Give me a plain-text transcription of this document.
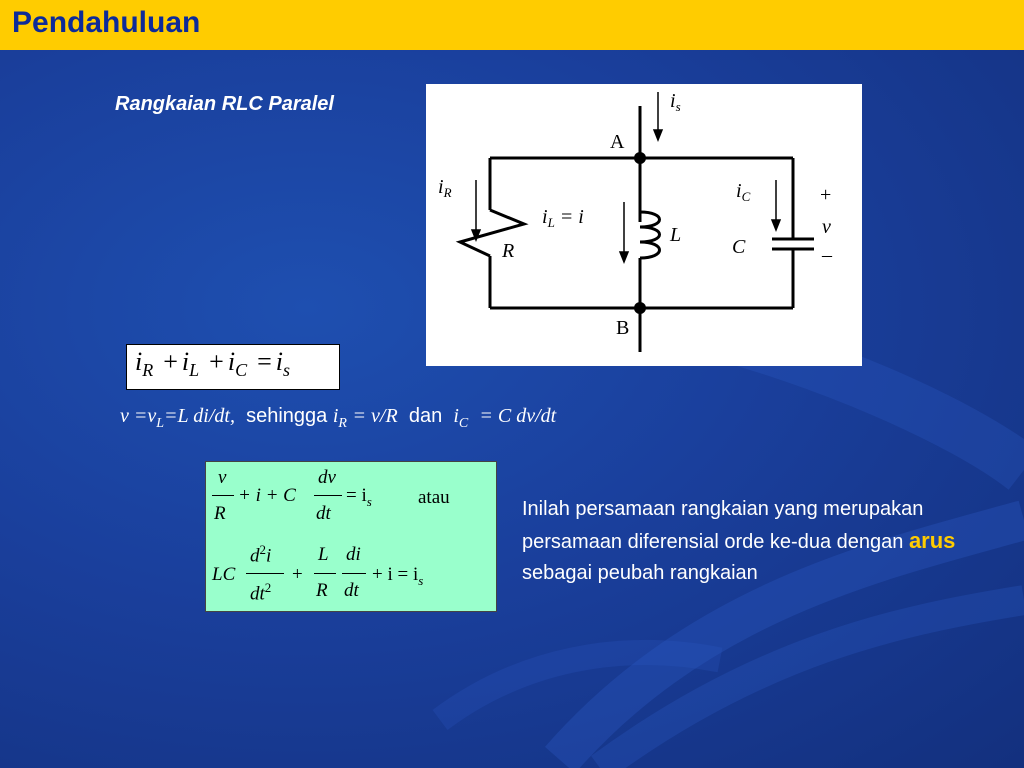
Pendahuluan
Rangkaian RLC Paralel
A
B
$i_s$
$i_R$
$i_L = i$
$i_C$
R
L
C
+
v
–
$i_R + i_L + i_C = i_s$
$v =v_L=L$ di/dt, sehingga $i_R = v/R$ dan $i_C = C$ dv/dt
v
R
+ i + C
dv
dt
= $i_s$ atau
LC
$d^2i$
$dt^2$
+
L
R
di
dt
+ $i = i_s$
Inilah persamaan rangkaian yang merupakan persamaan diferensial orde ke-dua dengan arus sebagai peubah rangkaian
